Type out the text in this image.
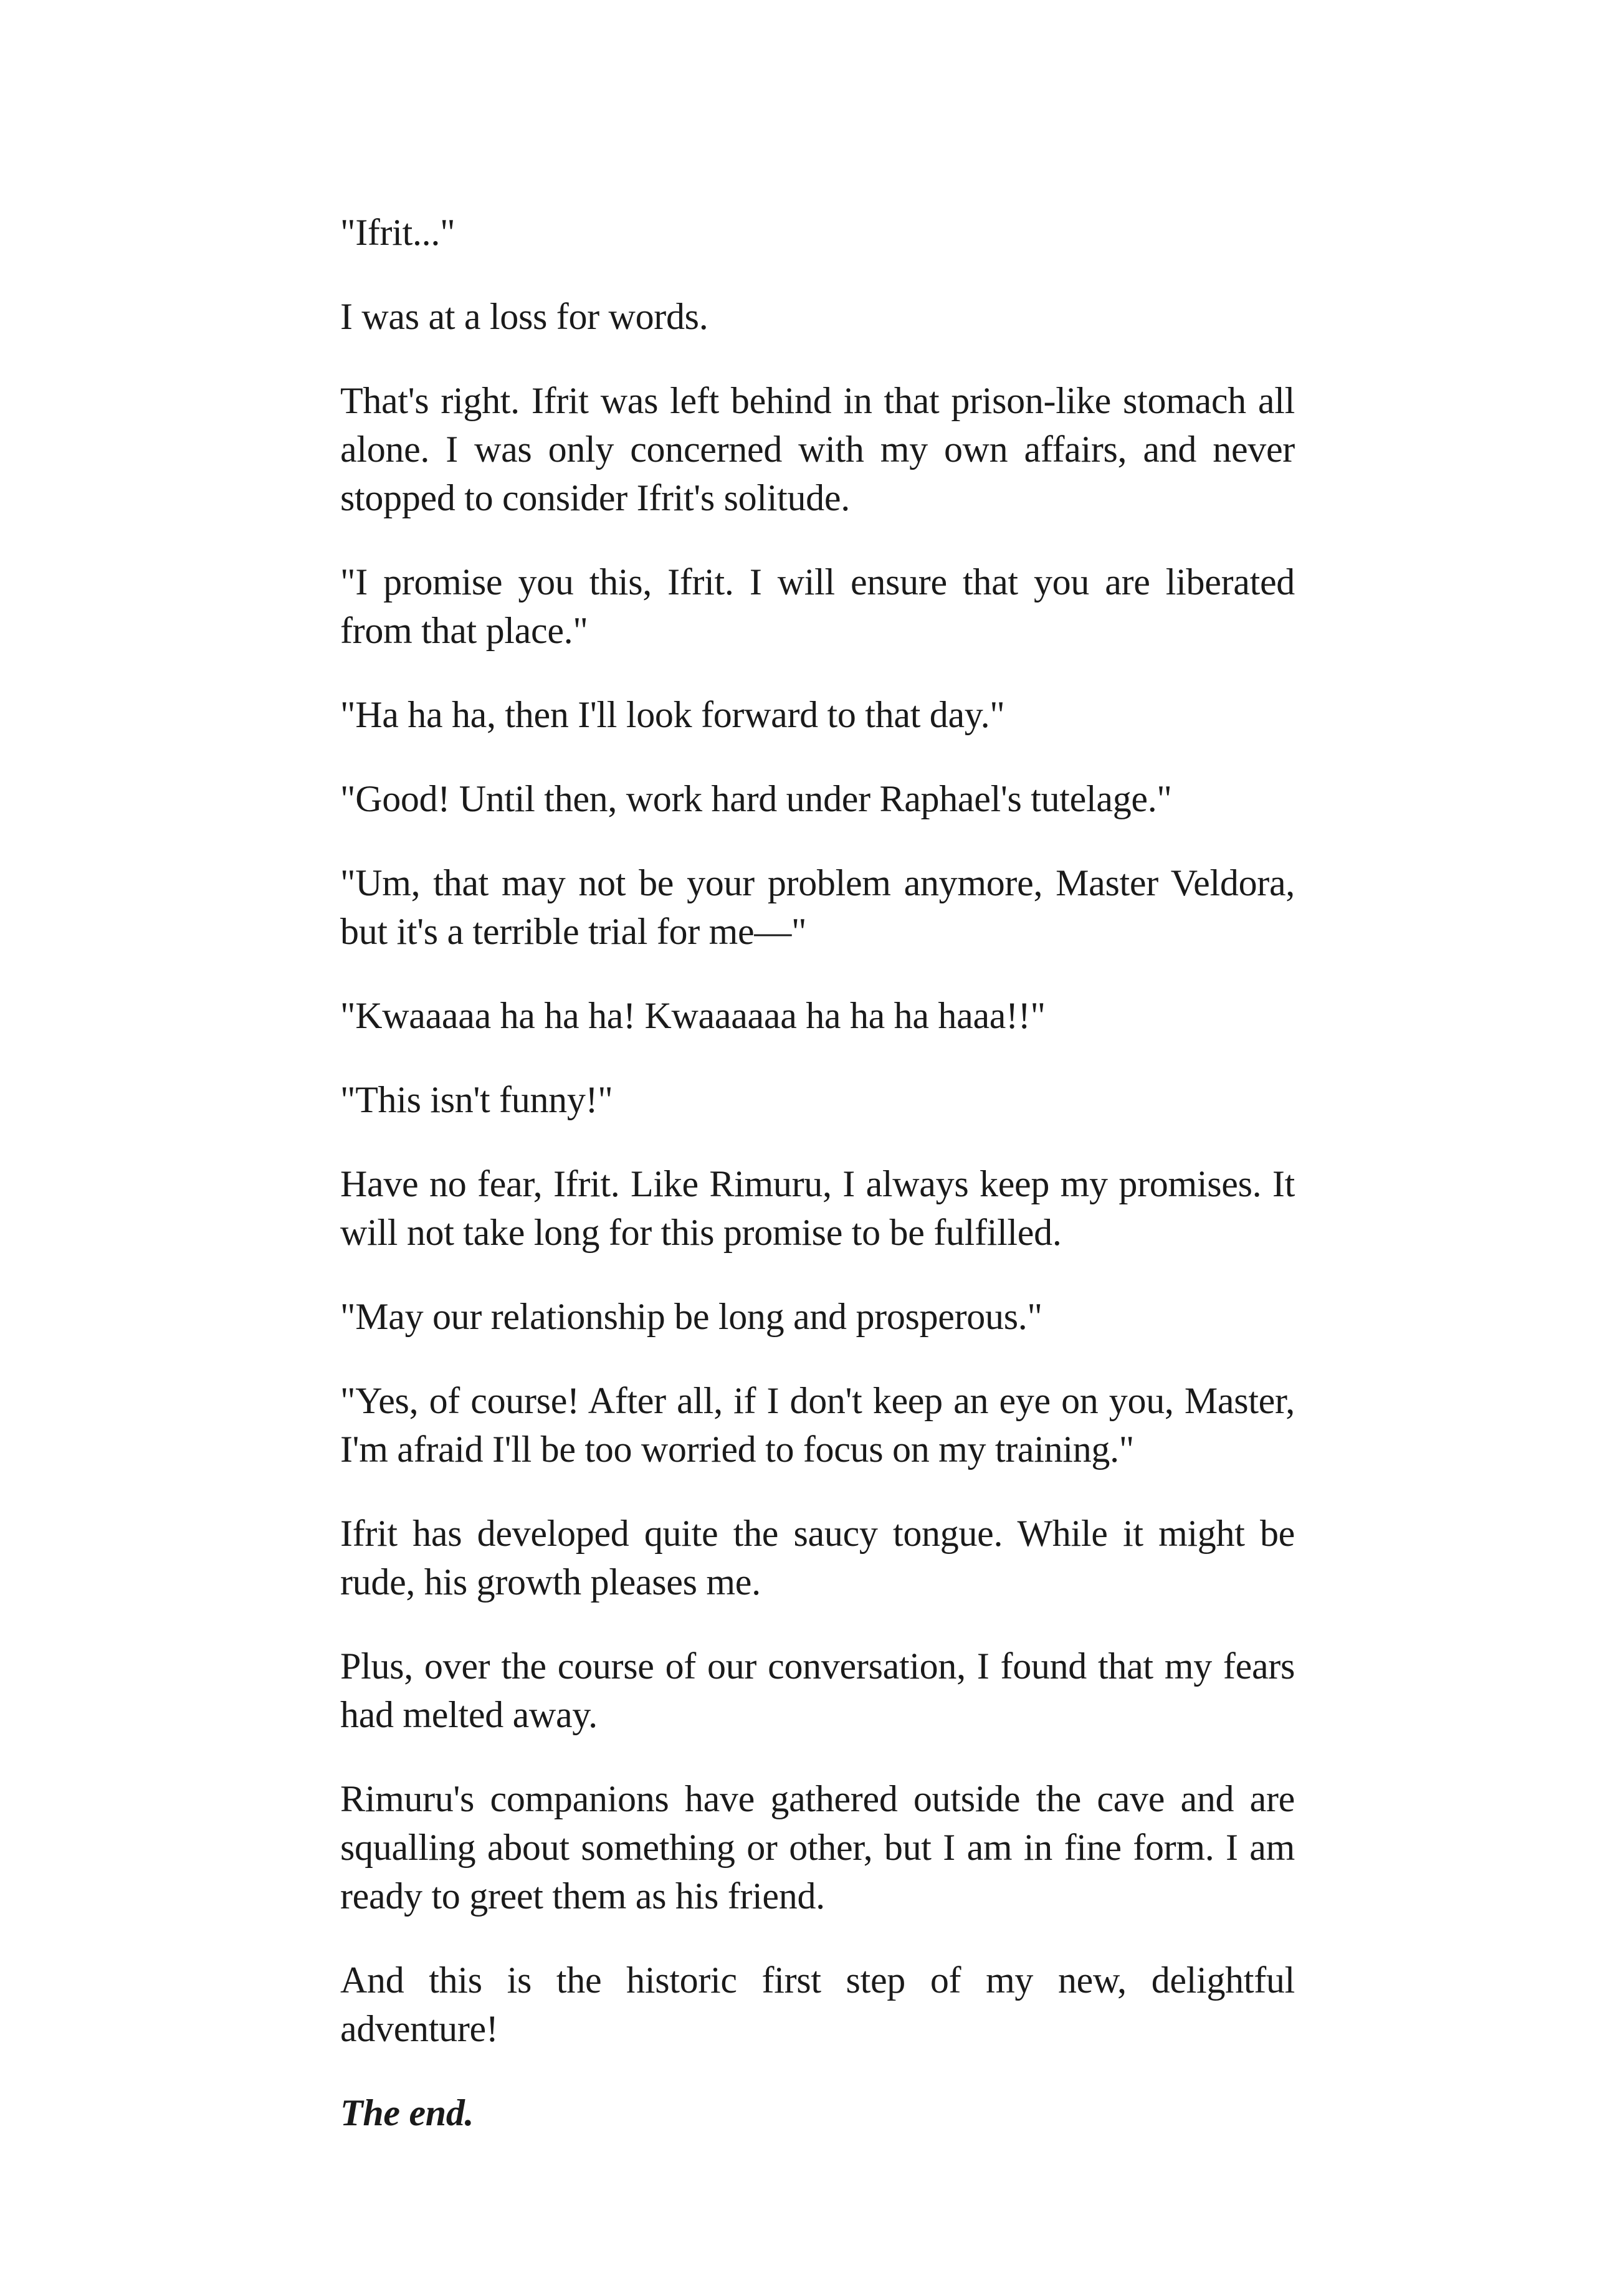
"Ifrit..."

I was at a loss for words.

That's right. Ifrit was left behind in that prison-like stomach all alone. I was only concerned with my own affairs, and never stopped to consider Ifrit's solitude.

"I promise you this, Ifrit. I will ensure that you are liberated from that place."

"Ha ha ha, then I'll look forward to that day."

"Good! Until then, work hard under Raphael's tutelage."

"Um, that may not be your problem anymore, Master Veldora, but it's a terrible trial for me—"

"Kwaaaaa ha ha ha! Kwaaaaaa ha ha ha haaa!!"

"This isn't funny!"

Have no fear, Ifrit. Like Rimuru, I always keep my promises. It will not take long for this promise to be fulfilled.

"May our relationship be long and prosperous."

"Yes, of course! After all, if I don't keep an eye on you, Master, I'm afraid I'll be too worried to focus on my training."

Ifrit has developed quite the saucy tongue. While it might be rude, his growth pleases me.

Plus, over the course of our conversation, I found that my fears had melted away.

Rimuru's companions have gathered outside the cave and are squalling about something or other, but I am in fine form. I am ready to greet them as his friend.

And this is the historic first step of my new, delightful adventure!

The end.
